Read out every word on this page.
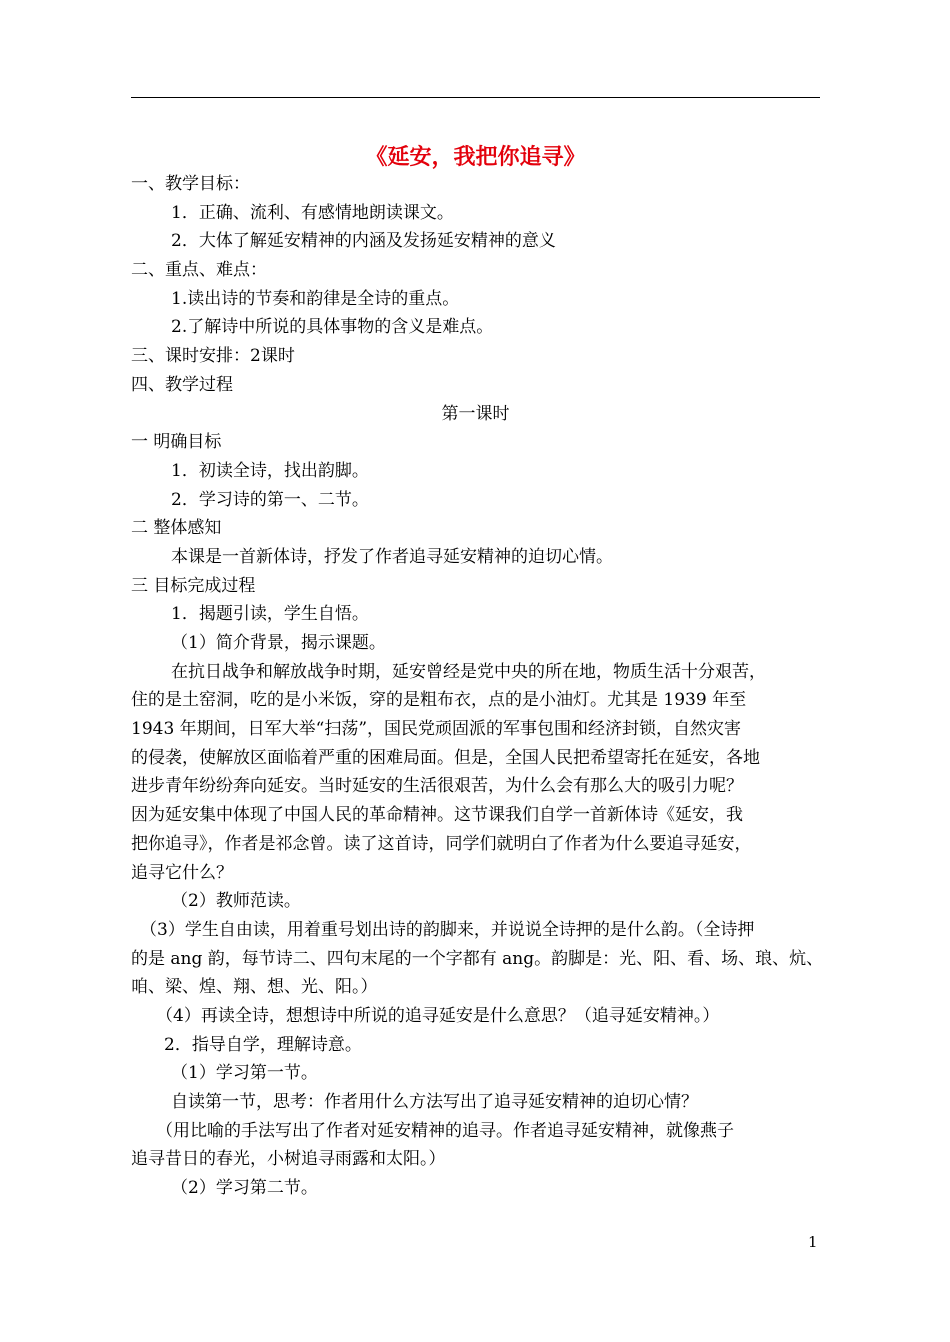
《延安，我把你追寻》
一、教学目标：
1．正确、流利、有感情地朗读课文。
2．大体了解延安精神的内涵及发扬延安精神的意义
二、重点、难点：
1.读出诗的节奏和韵律是全诗的重点。
2.了解诗中所说的具体事物的含义是难点。
三、课时安排：2课时
四、教学过程
第一课时
一 明确目标
1．初读全诗，找出韵脚。
2．学习诗的第一、二节。
二 整体感知
本课是一首新体诗，抒发了作者追寻延安精神的迫切心情。
三 目标完成过程
1．揭题引读，学生自悟。
（1）简介背景，揭示课题。
在抗日战争和解放战争时期，延安曾经是党中央的所在地，物质生活十分艰苦，
住的是土窑洞，吃的是小米饭，穿的是粗布衣，点的是小油灯。尤其是 1939 年至
1943 年期间，日军大举“扫荡”，国民党顽固派的军事包围和经济封锁，自然灾害
的侵袭，使解放区面临着严重的困难局面。但是，全国人民把希望寄托在延安，各地
进步青年纷纷奔向延安。当时延安的生活很艰苦，为什么会有那么大的吸引力呢？
因为延安集中体现了中国人民的革命精神。这节课我们自学一首新体诗《延安，我
把你追寻》，作者是祁念曾。读了这首诗，同学们就明白了作者为什么要追寻延安，
追寻它什么？
（2）教师范读。
（3）学生自由读，用着重号划出诗的韵脚来，并说说全诗押的是什么韵。（全诗押
的是 ang 韵，每节诗二、四句末尾的一个字都有 ang。韵脚是：光、阳、看、场、琅、炕、
咱、梁、煌、翔、想、光、阳。）
（4）再读全诗，想想诗中所说的追寻延安是什么意思？（追寻延安精神。）
2．指导自学，理解诗意。
（1）学习第一节。
自读第一节，思考：作者用什么方法写出了追寻延安精神的迫切心情？
（用比喻的手法写出了作者对延安精神的追寻。作者追寻延安精神，就像燕子
追寻昔日的春光，小树追寻雨露和太阳。）
（2）学习第二节。
1
